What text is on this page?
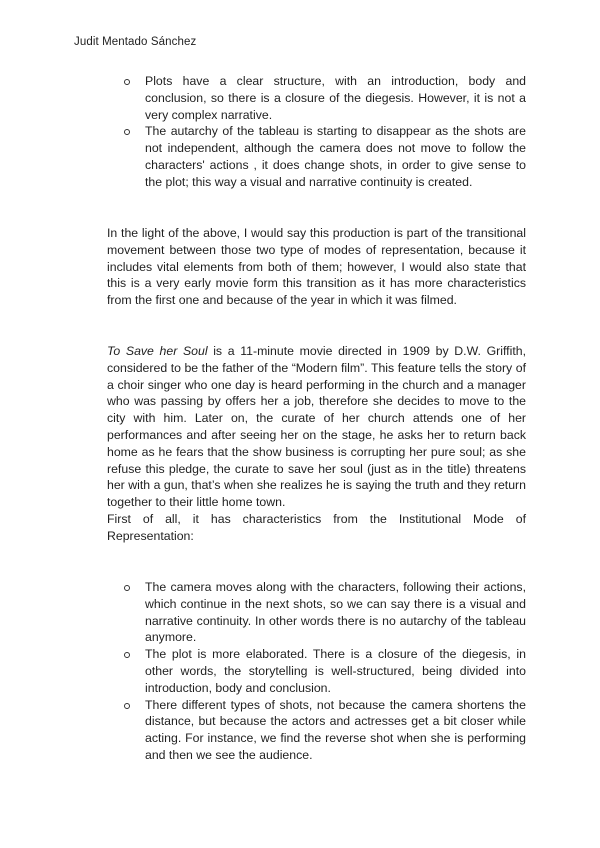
Judit Mentado Sánchez
Plots have a clear structure, with an introduction, body and conclusion, so there is a closure of the diegesis. However, it is not a very complex narrative.
The autarchy of the tableau is starting to disappear as the shots are not independent, although the camera does not move to follow the characters' actions , it does change shots, in order to give sense to the plot; this way a visual and narrative continuity is created.

In the light of the above, I would say this production is part of the transitional movement between those two type of modes of representation, because it includes vital elements from both of them; however, I would also state that this is a very early movie form this transition as it has more characteristics from the first one and because of the year in which it was filmed.

To Save her Soul is a 11-minute movie directed in 1909 by D.W. Griffith, considered to be the father of the “Modern film”. This feature tells the story of a choir singer who one day is heard performing in the church and a manager who was passing by offers her a job, therefore she decides to move to the city with him. Later on, the curate of her church attends one of her performances and after seeing her on the stage, he asks her to return back home as he fears that the show business is corrupting her pure soul; as she refuse this pledge, the curate to save her soul (just as in the title) threatens her with a gun, that’s when she realizes he is saying the truth and they return together to their little home town.

First of all, it has characteristics from the Institutional Mode of Representation:

The camera moves along with the characters, following their actions, which continue in the next shots, so we can say there is a visual and narrative continuity. In other words there is no autarchy of the tableau anymore.
The plot is more elaborated. There is a closure of the diegesis, in other words, the storytelling is well-structured, being divided into introduction, body and conclusion.
There different types of shots, not because the camera shortens the distance, but because the actors and actresses get a bit closer while acting. For instance, we find the reverse shot when she is performing and then we see the audience.
